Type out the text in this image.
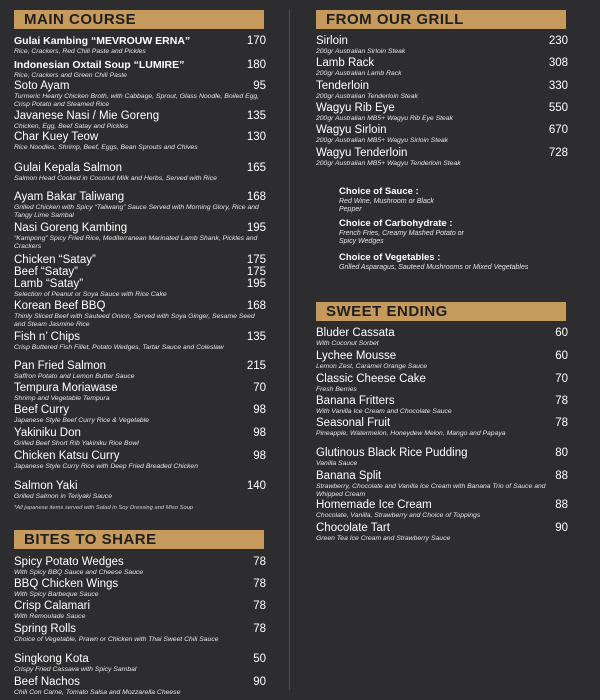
MAIN COURSE
Gulai Kambing “MEVROUW ERNA”	170
Rice, Crackers, Red Chili Paste and Pickles
Indonesian Oxtail Soup “LUMIRE”	180
Rice, Crackers and Green Chili Paste
Soto Ayam	95
Turmeric Hearty Chicken Broth, with Cabbage, Sprout, Glass Noodle, Boiled Egg, Crisp Potato and Steamed Rice
Javanese Nasi / Mie Goreng	135
Chicken, Egg, Beef Satay and Pickles
Char Kuey Teow	130
Rice Noodles, Shrimp, Beef, Eggs, Bean Sprouts and Chives
Gulai Kepala Salmon	165
Salmon Head Cooked in Coconut Milk and Herbs, Served with Rice
Ayam Bakar Taliwang	168
Grilled Chicken with Spicy “Taliwang” Sauce Served with Morning Glory, Rice and Tangy Lime Sambal
Nasi Goreng Kambing	195
“Kampong” Spicy Fried Rice, Mediterranean Marinated Lamb Shank, Pickles and Crackers
Chicken “Satay”	175
Beef “Satay”	175
Lamb “Satay”	195
Selection of Peanut or Soya Sauce with Rice Cake
Korean Beef BBQ	168
Thinly Sliced Beef with Sauteed Onion, Served with Soya Ginger, Sesame Seed and Steam Jasmine Rice
Fish n’ Chips	135
Crisp Buttered Fish Fillet, Potato Wedges, Tartar Sauce and Coleslaw
Pan Fried Salmon	215
Saffron Potato and Lemon Butter Sauce
Tempura Moriawase	70
Shrimp and Vegetable Tempura
Beef Curry	98
Japanese Style Beef Curry Rice & Vegetable
Yakiniku Don	98
Grilled Beef Short Rib Yakiniku Rice Bowl
Chicken Katsu Curry	98
Japanese Style Curry Rice with Deep Fried Breaded Chicken
Salmon Yaki	140
Grilled Salmon in Teriyaki Sauce
*All japanese items served with Salad in Soy Dressing and Miso Soup
BITES TO SHARE
Spicy Potato Wedges	78
With Spicy BBQ Sauce and Cheese Sauce
BBQ Chicken Wings	78
With Spicy Barbeque Sauce
Crisp Calamari	78
With Remoulade Sauce
Spring Rolls	78
Choice of Vegetable, Prawn or Chicken with Thai Sweet Chili Sauce
Singkong Kota	50
Crispy Fried Cassava with Spicy Sambal
Beef Nachos	90
Chili Con Carne, Tomato Salsa and Mozzarella Cheese
FROM OUR GRILL
Sirloin	230
200gr Australian Sirloin Steak
Lamb Rack	308
200gr Australian Lamb Rack
Tenderloin	330
200gr Australian Tenderloin Steak
Wagyu Rib Eye	550
200gr Australian MB5+ Wagyu Rib Eye Steak
Wagyu Sirloin	670
200gr Australian MB5+ Wagyu Sirloin Steak
Wagyu Tenderloin	728
200gr Australian MB5+ Wagyu Tenderloin Steak
Choice of Sauce :
Red Wine, Mushroom or Black Pepper
Choice of Carbohydrate :
French Fries, Creamy Mashed Potato or Spicy Wedges
Choice of Vegetables :
Grilled Asparagus, Sauteed Mushrooms or Mixed Vegetables
SWEET ENDING
Bluder Cassata	60
With Coconut Sorbet
Lychee Mousse	60
Lemon Zest, Caramel Orange Sauce
Classic Cheese Cake	70
Fresh Berries
Banana Fritters	78
With Vanilla Ice Cream and Chocolate Sauce
Seasonal Fruit	78
Pineapple, Watermelon, Honeydew Melon, Mango and Papaya
Glutinous Black Rice Pudding	80
Vanilla Sauce
Banana Split	88
Strawberry, Chocolate and Vanilla Ice Cream with Banana Trio of Sauce and Whipped Cream
Homemade Ice Cream	88
Chocolate, Vanilla, Strawberry and Choice of Toppings
Chocolate Tart	90
Green Tea Ice Cream and Strawberry Sauce
